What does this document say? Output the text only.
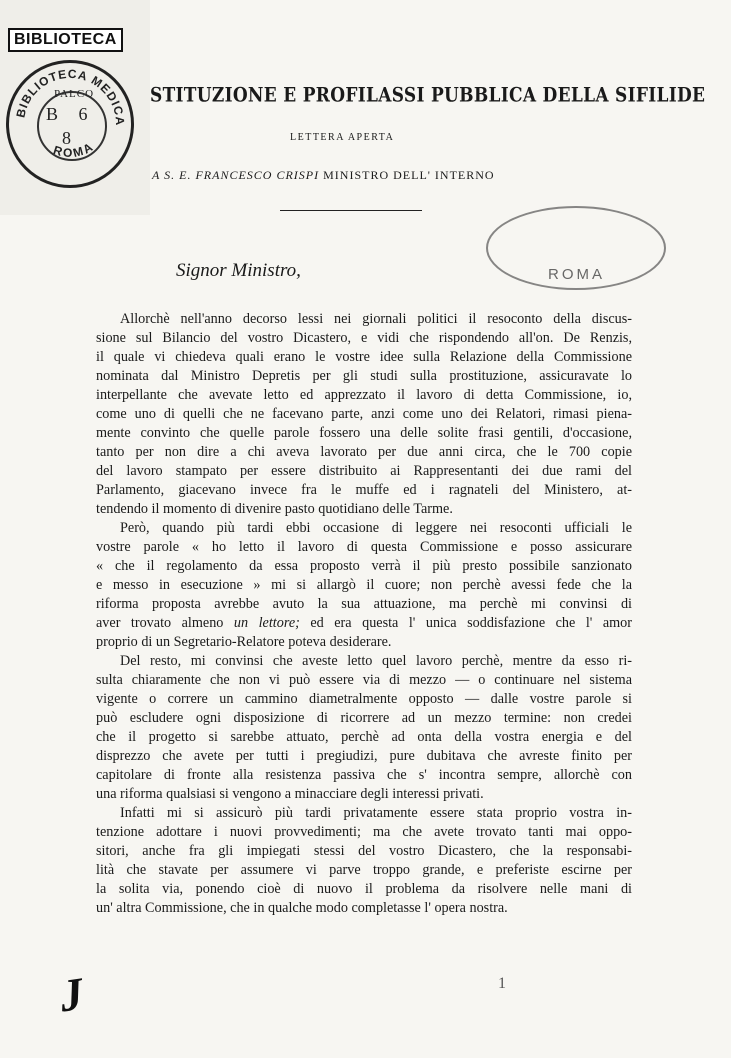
BIBLIOTECA
BIBLIOTECA MEDICA
ROMA
PALCO
B 6
8
ROMA
STITUZIONE E PROFILASSI PUBBLICA DELLA SIFILIDE
LETTERA APERTA
A S. E. FRANCESCO CRISPI MINISTRO DELL' INTERNO
Signor Ministro,

Allorchè nell'anno decorso lessi nei giornali politici il resoconto della discus-
sione sul Bilancio del vostro Dicastero, e vidi che rispondendo all'on. De Renzis,
il quale vi chiedeva quali erano le vostre idee sulla Relazione della Commissione
nominata dal Ministro Depretis per gli studi sulla prostituzione, assicuravate lo
interpellante che avevate letto ed apprezzato il lavoro di detta Commissione, io,
come uno di quelli che ne facevano parte, anzi come uno dei Relatori, rimasi piena-
mente convinto che quelle parole fossero una delle solite frasi gentili, d'occasione,
tanto per non dire a chi aveva lavorato per due anni circa, che le 700 copie
del lavoro stampato per essere distribuito ai Rappresentanti dei due rami del
Parlamento, giacevano invece fra le muffe ed i ragnateli del Ministero, at-
tendendo il momento di divenire pasto quotidiano delle Tarme.

Però, quando più tardi ebbi occasione di leggere nei resoconti ufficiali le
vostre parole « ho letto il lavoro di questa Commissione e posso assicurare
« che il regolamento da essa proposto verrà il più presto possibile sanzionato
e messo in esecuzione » mi si allargò il cuore; non perchè avessi fede che la
riforma proposta avrebbe avuto la sua attuazione, ma perchè mi convinsi di
aver trovato almeno un lettore; ed era questa l' unica soddisfazione che l' amor
proprio di un Segretario-Relatore poteva desiderare.

Del resto, mi convinsi che aveste letto quel lavoro perchè, mentre da esso ri-
sulta chiaramente che non vi può essere via di mezzo — o continuare nel sistema
vigente o correre un cammino diametralmente opposto — dalle vostre parole si
può escludere ogni disposizione di ricorrere ad un mezzo termine: non credei
che il progetto si sarebbe attuato, perchè ad onta della vostra energia e del
disprezzo che avete per tutti i pregiudizi, pure dubitava che avreste finito per
capitolare di fronte alla resistenza passiva che s' incontra sempre, allorchè con
una riforma qualsiasi si vengono a minacciare degli interessi privati.

Infatti mi si assicurò più tardi privatamente essere stata proprio vostra in-
tenzione adottare i nuovi provvedimenti; ma che avete trovato tanti mai oppo-
sitori, anche fra gli impiegati stessi del vostro Dicastero, che la responsabi-
lità che stavate per assumere vi parve troppo grande, e preferiste escirne per
la solita via, ponendo cioè di nuovo il problema da risolvere nelle mani di
un' altra Commissione, che in qualche modo completasse l' opera nostra.

J	1
